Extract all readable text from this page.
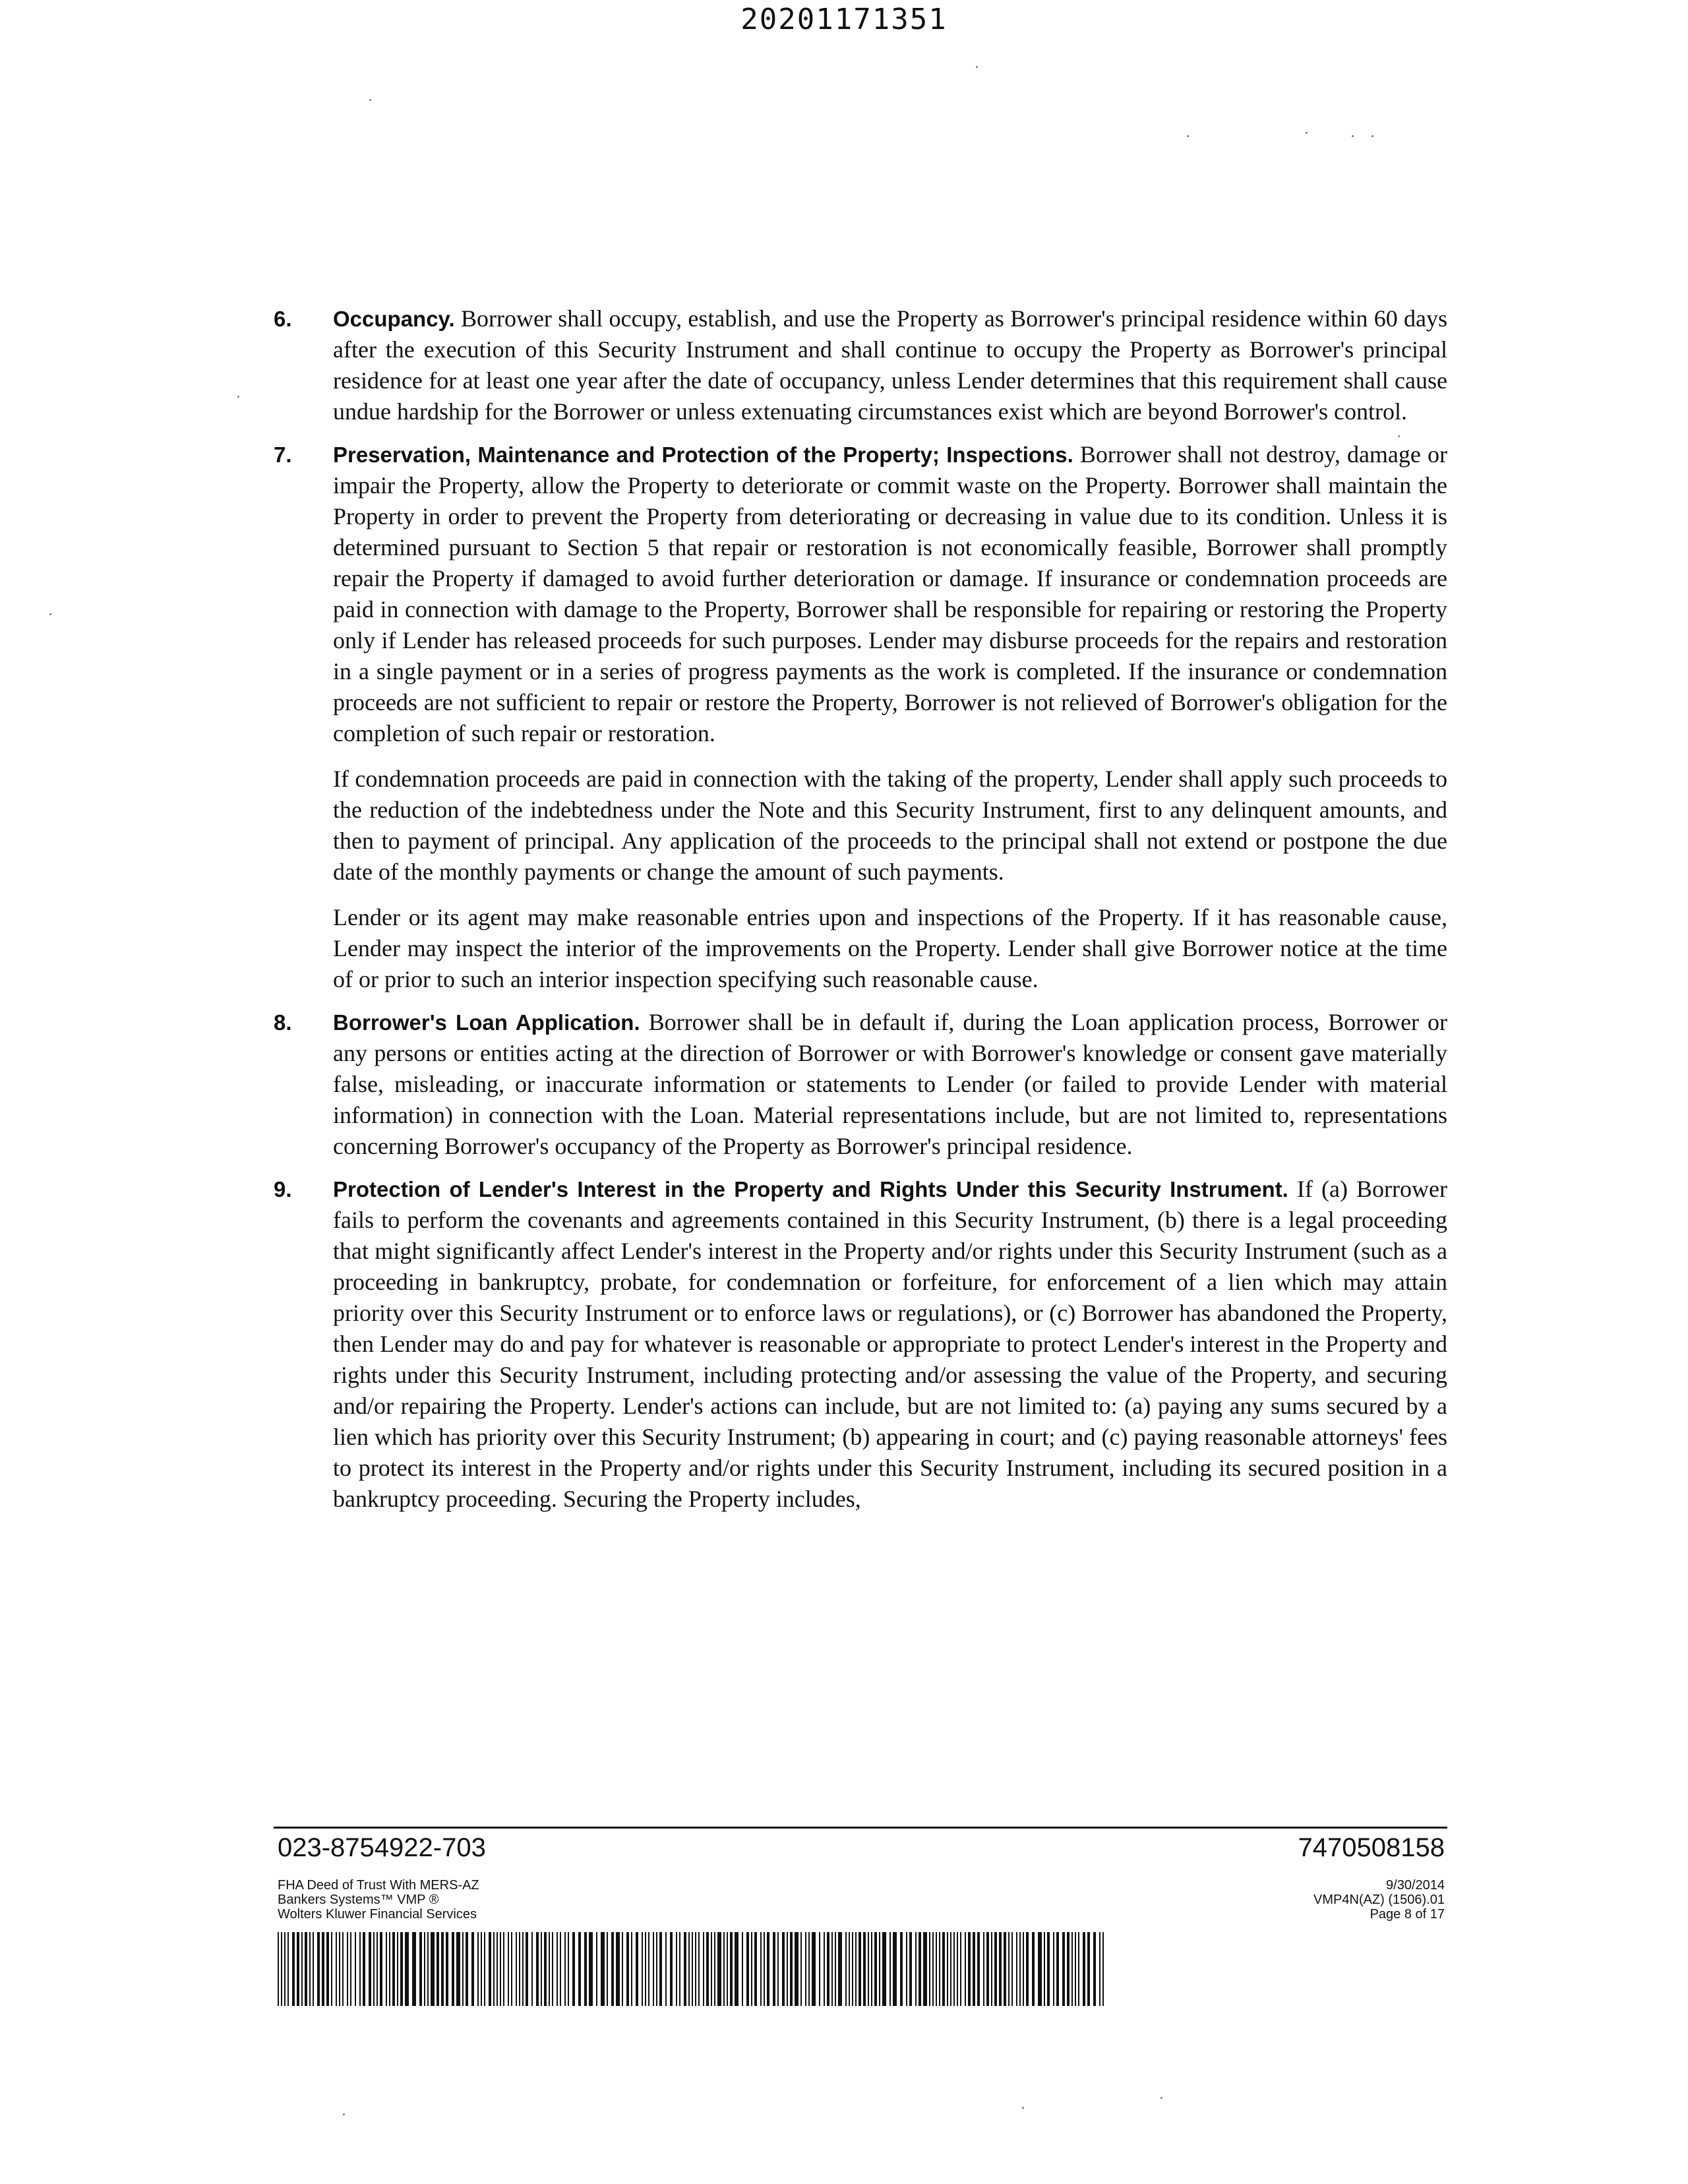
20201171351
6. Occupancy. Borrower shall occupy, establish, and use the Property as Borrower's principal residence within 60 days after the execution of this Security Instrument and shall continue to occupy the Property as Borrower's principal residence for at least one year after the date of occupancy, unless Lender determines that this requirement shall cause undue hardship for the Borrower or unless extenuating circumstances exist which are beyond Borrower's control.

7. Preservation, Maintenance and Protection of the Property; Inspections. Borrower shall not destroy, damage or impair the Property, allow the Property to deteriorate or commit waste on the Property. Borrower shall maintain the Property in order to prevent the Property from deteriorating or decreasing in value due to its condition. Unless it is determined pursuant to Section 5 that repair or restoration is not economically feasible, Borrower shall promptly repair the Property if damaged to avoid further deterioration or damage. If insurance or condemnation proceeds are paid in connection with damage to the Property, Borrower shall be responsible for repairing or restoring the Property only if Lender has released proceeds for such purposes. Lender may disburse proceeds for the repairs and restoration in a single payment or in a series of progress payments as the work is completed. If the insurance or condemnation proceeds are not sufficient to repair or restore the Property, Borrower is not relieved of Borrower's obligation for the completion of such repair or restoration.

If condemnation proceeds are paid in connection with the taking of the property, Lender shall apply such proceeds to the reduction of the indebtedness under the Note and this Security Instrument, first to any delinquent amounts, and then to payment of principal. Any application of the proceeds to the principal shall not extend or postpone the due date of the monthly payments or change the amount of such payments.

Lender or its agent may make reasonable entries upon and inspections of the Property. If it has reasonable cause, Lender may inspect the interior of the improvements on the Property. Lender shall give Borrower notice at the time of or prior to such an interior inspection specifying such reasonable cause.

8. Borrower's Loan Application. Borrower shall be in default if, during the Loan application process, Borrower or any persons or entities acting at the direction of Borrower or with Borrower's knowledge or consent gave materially false, misleading, or inaccurate information or statements to Lender (or failed to provide Lender with material information) in connection with the Loan. Material representations include, but are not limited to, representations concerning Borrower's occupancy of the Property as Borrower's principal residence.

9. Protection of Lender's Interest in the Property and Rights Under this Security Instrument. If (a) Borrower fails to perform the covenants and agreements contained in this Security Instrument, (b) there is a legal proceeding that might significantly affect Lender's interest in the Property and/or rights under this Security Instrument (such as a proceeding in bankruptcy, probate, for condemnation or forfeiture, for enforcement of a lien which may attain priority over this Security Instrument or to enforce laws or regulations), or (c) Borrower has abandoned the Property, then Lender may do and pay for whatever is reasonable or appropriate to protect Lender's interest in the Property and rights under this Security Instrument, including protecting and/or assessing the value of the Property, and securing and/or repairing the Property. Lender's actions can include, but are not limited to: (a) paying any sums secured by a lien which has priority over this Security Instrument; (b) appearing in court; and (c) paying reasonable attorneys' fees to protect its interest in the Property and/or rights under this Security Instrument, including its secured position in a bankruptcy proceeding. Securing the Property includes,

023-8754922-703	7470508158
FHA Deed of Trust With MERS-AZ
Bankers Systems™ VMP ®
Wolters Kluwer Financial Services
9/30/2014
VMP4N(AZ) (1506).01
Page 8 of 17
